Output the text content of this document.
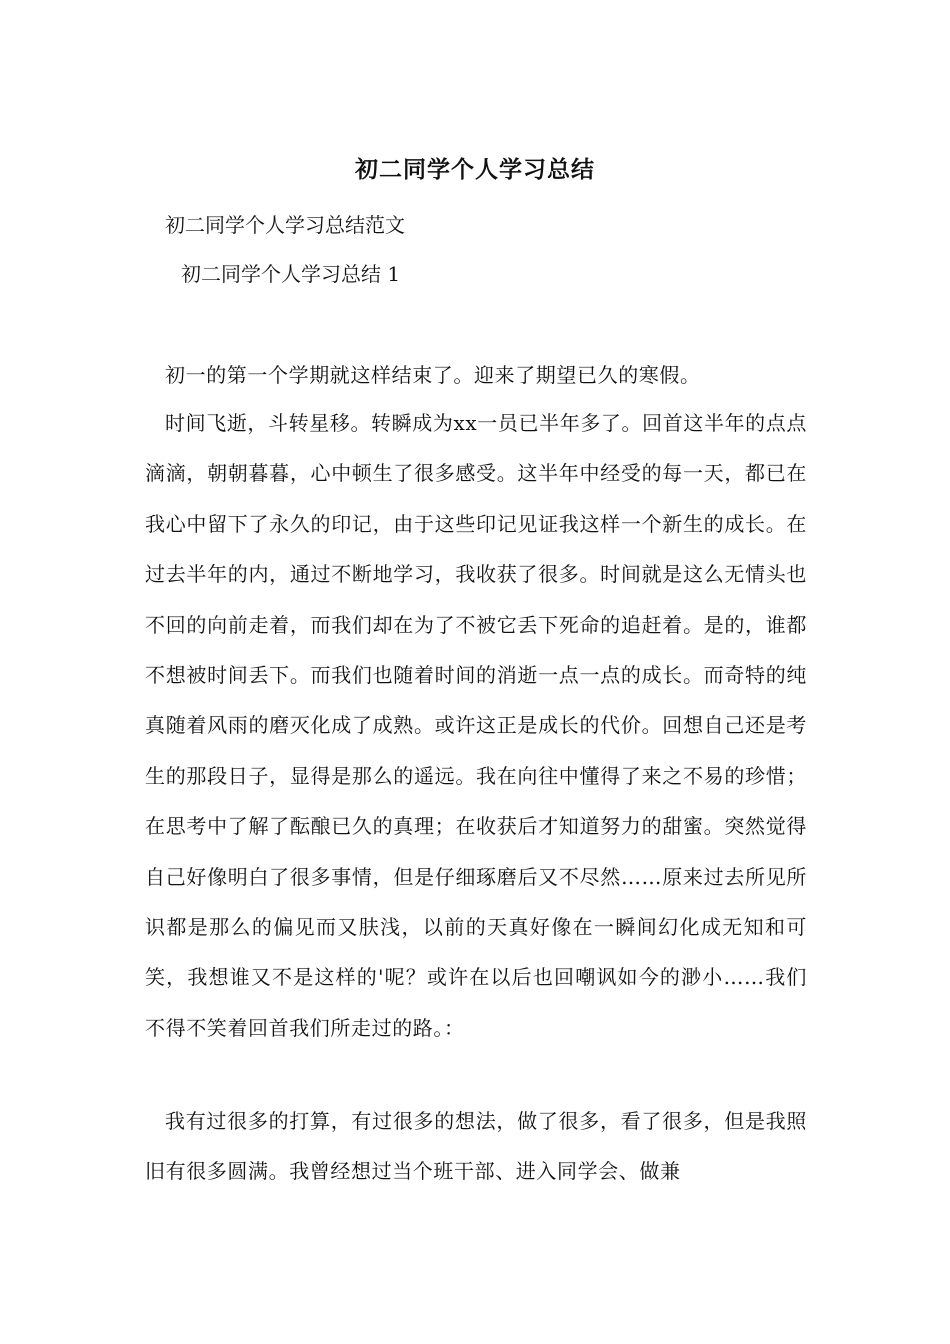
初二同学个人学习总结
初二同学个人学习总结范文
初二同学个人学习总结 1
初一的第一个学期就这样结束了。迎来了期望已久的寒假。
时间飞逝，斗转星移。转瞬成为xx一员已半年多了。回首这半年的点点滴滴，朝朝暮暮，心中顿生了很多感受。这半年中经受的每一天，都已在我心中留下了永久的印记，由于这些印记见证我这样一个新生的成长。在过去半年的内，通过不断地学习，我收获了很多。时间就是这么无情头也不回的向前走着，而我们却在为了不被它丢下死命的追赶着。是的，谁都不想被时间丢下。而我们也随着时间的消逝一点一点的成长。而奇特的纯真随着风雨的磨灭化成了成熟。或许这正是成长的代价。回想自己还是考生的那段日子，显得是那么的遥远。我在向往中懂得了来之不易的珍惜；在思考中了解了酝酿已久的真理；在收获后才知道努力的甜蜜。突然觉得自己好像明白了很多事情，但是仔细琢磨后又不尽然……原来过去所见所识都是那么的偏见而又肤浅，以前的天真好像在一瞬间幻化成无知和可笑，我想谁又不是这样的'呢？或许在以后也回嘲讽如今的渺小……我们不得不笑着回首我们所走过的路。：
我有过很多的打算，有过很多的想法，做了很多，看了很多，但是我照旧有很多圆满。我曾经想过当个班干部、进入同学会、做兼
